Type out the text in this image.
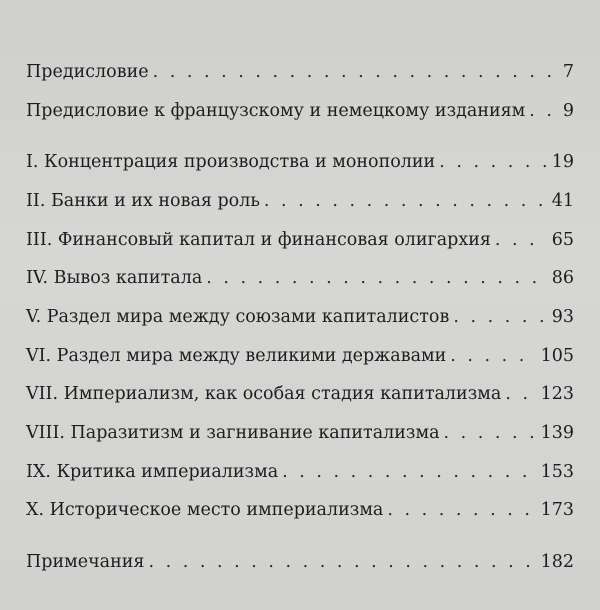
Предисловие . . .	7
Предисловие к французскому и немецкому изданиям . . . 9
I. Концентрация производства и монополии . . .	19
II. Банки и их новая роль . . .	41
III. Финансовый капитал и финансовая олигархия . . .	65
IV. Вывоз капитала . . .	86
V. Раздел мира между союзами капиталистов . . .	93
VI. Раздел мира между великими державами . . .	105
VII. Империализм, как особая стадия капитализма . . . 123
VIII. Паразитизм и загнивание капитализма . . .	139
IX. Критика империализма . . .	153
X. Историческое место империализма . . .	173
Примечания . . .	182
